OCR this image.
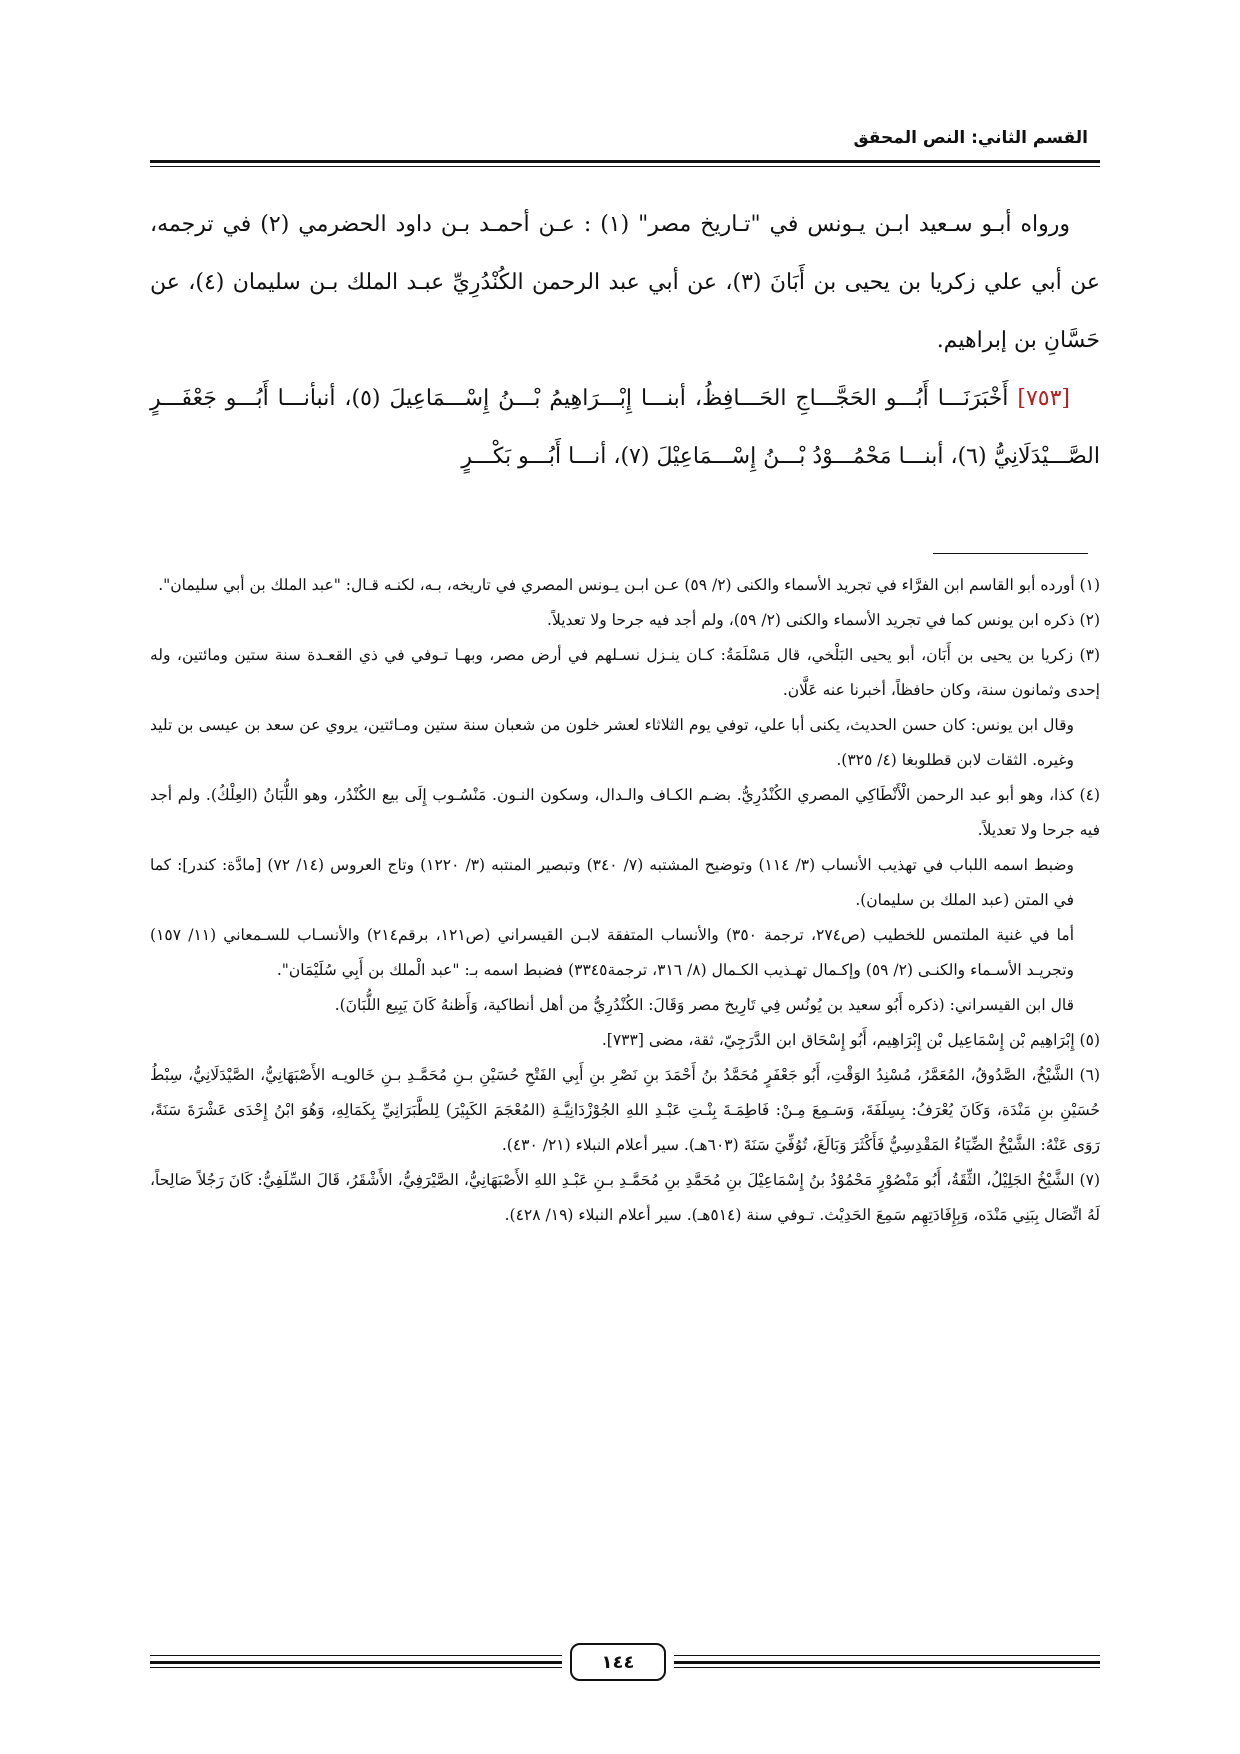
القسم الثاني: النص المحقق

ورواه أبـو سـعيد ابـن يـونس في "تـاريخ مصر" (١) : عـن أحمـد بـن داود الحضرمي (٢) في ترجمه، عن أبي علي زكريا بن يحيى بن أَبَانَ (٣)، عن أبي عبد الرحمن الكُنْدُرِيِّ عبـد الملك بـن سليمان (٤)، عن حَسَّانِ بن إبراهيم.

[٧٥٣] أَخْبَرَنَـــا أَبُـــو الحَجَّـــاجِ الحَـــافِظُ، أبنـــا إِبْـــرَاهِيمُ بْـــنُ إِسْـــمَاعِيلَ (٥)، أنبأنـــا أَبُـــو جَعْفَـــرٍ الصَّـــيْدَلَانِيُّ (٦)، أبنـــا مَحْمُـــوْدُ بْـــنُ إِسْـــمَاعِيْلَ (٧)، أنـــا أَبُـــو بَكْـــرٍ

(١) أورده أبو القاسم ابن الفرَّاء في تجريد الأسماء والكنى (٢/ ٥٩) عـن ابـن يـونس المصري في تاريخه، بـه، لكنـه قـال: "عبد الملك بن أبي سليمان".

(٢) ذكره ابن يونس كما في تجريد الأسماء والكنى (٢/ ٥٩)، ولم أجد فيه جرحا ولا تعديلاً.

(٣) زكريا بن يحيى بن أَبَان، أبو يحيى البَلْخي، قال مَسْلَمَةُ: كـان ينـزل نسـلهم في أرض مصر، وبهـا تـوفي في ذي القعـدة سنة ستين ومائتين، وله إحدى وثمانون سنة، وكان حافظاً، أخبرنا عنه عَلَّان.

وقال ابن يونس: كان حسن الحديث، يكنى أبا علي، توفي يوم الثلاثاء لعشر خلون من شعبان سنة ستين ومـائتين، يروي عن سعد بن عيسى بن تليد وغيره. الثقات لابن قطلوبغا (٤/ ٣٢٥).

(٤) كذا، وهو أبو عبد الرحمن الْأَنْطَاكِي المصري الكُنْدُرِيُّ. بضـم الكـاف والـدال، وسكون النـون. مَنْسُـوب إِلَى بيع الكُنْدُر، وهو اللُّبَانُ (العِلْكُ). ولم أجد فيه جرحا ولا تعديلاً.

وضبط اسمه اللباب في تهذيب الأنساب (٣/ ١١٤) وتوضيح المشتبه (٧/ ٣٤٠) وتبصير المنتبه (٣/ ١٢٢٠) وتاج العروس (١٤/ ٧٢) [مادَّة: كندر]: كما في المتن (عبد الملك بن سليمان).

أما في غنية الملتمس للخطيب (ص٢٧٤، ترجمة ٣٥٠) والأنساب المتفقة لابـن القيسراني (ص١٢١، برقم٢١٤) والأنسـاب للسـمعاني (١١/ ١٥٧) وتجريـد الأسـماء والكنـى (٢/ ٥٩) وإكـمال تهـذيب الكـمال (٨/ ٣١٦، ترجمة٣٣٤٥) فضبط اسمه بـ: "عبد الْملك بن أَبِي سُلَيْمَان".

قال ابن القيسراني: (ذكره أَبُو سعيد بن يُونُس فِي تَارِيخ مصر وَقَالَ: الكُنْدُرِيُّ من أهل أنطاكية، وَأَظنهُ كَانَ يَبِيع اللُّبَانَ).

(٥) إِبْرَاهِيم بْن إِسْمَاعِيل بْن إِبْرَاهِيم، أَبُو إِسْحَاق ابن الدَّرَجِيّ، ثقة، مضى [٧٣٣].

(٦) الشَّيْخُ، الصَّدُوقُ، المُعَمَّرُ، مُسْنِدُ الوَقْتِ، أَبُو جَعْفَرٍ مُحَمَّدُ بنُ أَحْمَدَ بنِ نَصْرِ بنِ أَبِي الفَتْحِ حُسَيْنِ بـنِ مُحَمَّـدِ بـنِ خَالويـه الأَصْبَهَانِيُّ، الصَّيْدَلَانِيُّ، سِبْطُ حُسَيْنِ بنِ مَنْدَة، وَكَانَ يُعْرَفُ: بِسِلَفَةَ، وَسَـمِعَ مِـنْ: فَاطِمَـةَ بِنْـتِ عَبْـدِ اللهِ الجُوْزْدَانِيَّـةِ (المُعْجَمَ الكَبِيْرَ) لِلطَّبَرَانِيِّ بِكَمَالِهِ، وَهُوَ ابْنُ إِحْدَى عَشْرَةَ سَنَةً، رَوَى عَنْهُ: الشَّيْخُ الضِّيَاءُ المَقْدِسِيُّ فَأَكْثَرَ وَبَالَغَ، تُوُفِّيَ سَنَةَ (٦٠٣هـ). سير أعلام النبلاء (٢١/ ٤٣٠).

(٧) الشَّيْخُ الجَلِيْلُ، الثِّقَةُ، أَبُو مَنْصُوْرٍ مَحْمُوْدُ بنُ إِسْمَاعِيْلَ بنِ مُحَمَّدِ بنِ مُحَمَّـدِ بـنِ عَبْـدِ اللهِ الأَصْبَهَانِيُّ، الصَّيْرَفِيُّ، الأَشْقَرُ، قَالَ السِّلَفِيُّ: كَانَ رَجُلاً صَالِحاً، لَهُ اتِّصَال بِبَنِي مَنْدَه، وَبِإِفَادَتِهِم سَمِعَ الحَدِيْث. تـوفي سنة (٥١٤هـ). سير أعلام النبلاء (١٩/ ٤٢٨).

١٤٤
